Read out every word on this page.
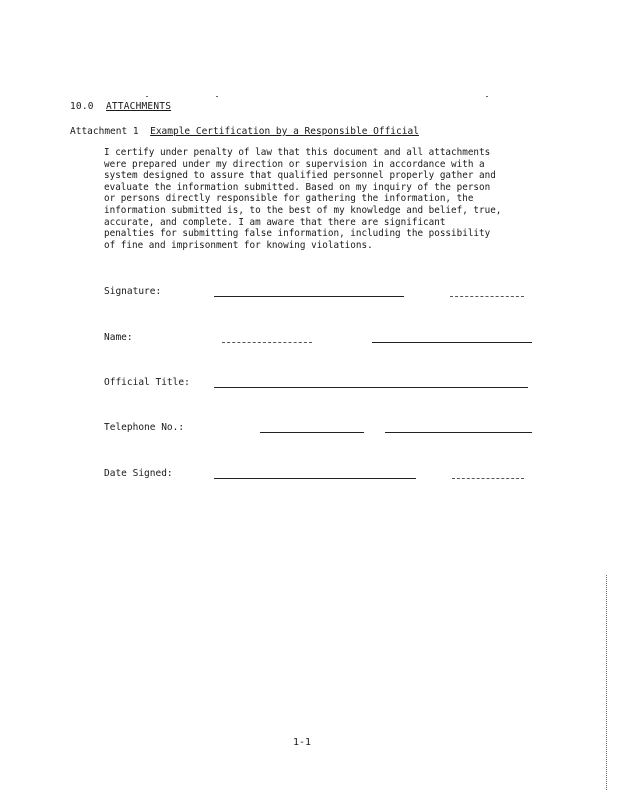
10.0 ATTACHMENTS
Attachment 1 Example Certification by a Responsible Official

I certify under penalty of law that this document and all attachments
were prepared under my direction or supervision in accordance with a
system designed to assure that qualified personnel properly gather and
evaluate the information submitted. Based on my inquiry of the person
or persons directly responsible for gathering the information, the
information submitted is, to the best of my knowledge and belief, true,
accurate, and complete. I am aware that there are significant
penalties for submitting false information, including the possibility
of fine and imprisonment for knowing violations.

Signature:
Name:
Official Title:
Telephone No.:
Date Signed:
1-1
